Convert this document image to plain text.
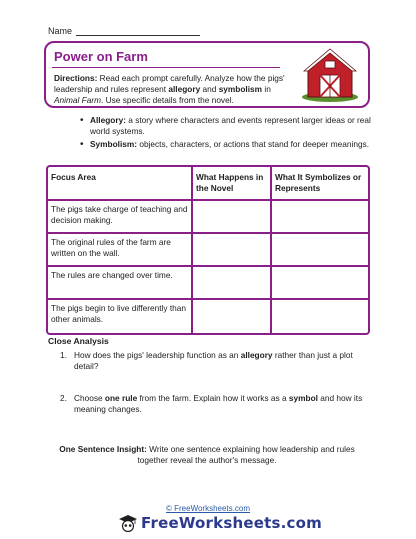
Name
Power on Farm
Directions: Read each prompt carefully. Analyze how the pigs' leadership and rules represent allegory and symbolism in Animal Farm. Use specific details from the novel.
• Allegory: a story where characters and events represent larger ideas or real world systems.
• Symbolism: objects, characters, or actions that stand for deeper meanings.
Focus Area	What Happens in the Novel	What It Symbolizes or Represents
The pigs take charge of teaching and decision making.		
The original rules of the farm are written on the wall.		
The rules are changed over time.		
The pigs begin to live differently than other animals.		
Close Analysis
1. How does the pigs' leadership function as an allegory rather than just a plot detail?
2. Choose one rule from the farm. Explain how it works as a symbol and how its meaning changes.
One Sentence Insight: Write one sentence explaining how leadership and rules together reveal the author's message.
© FreeWorksheets.com
Free Worksheets .com
